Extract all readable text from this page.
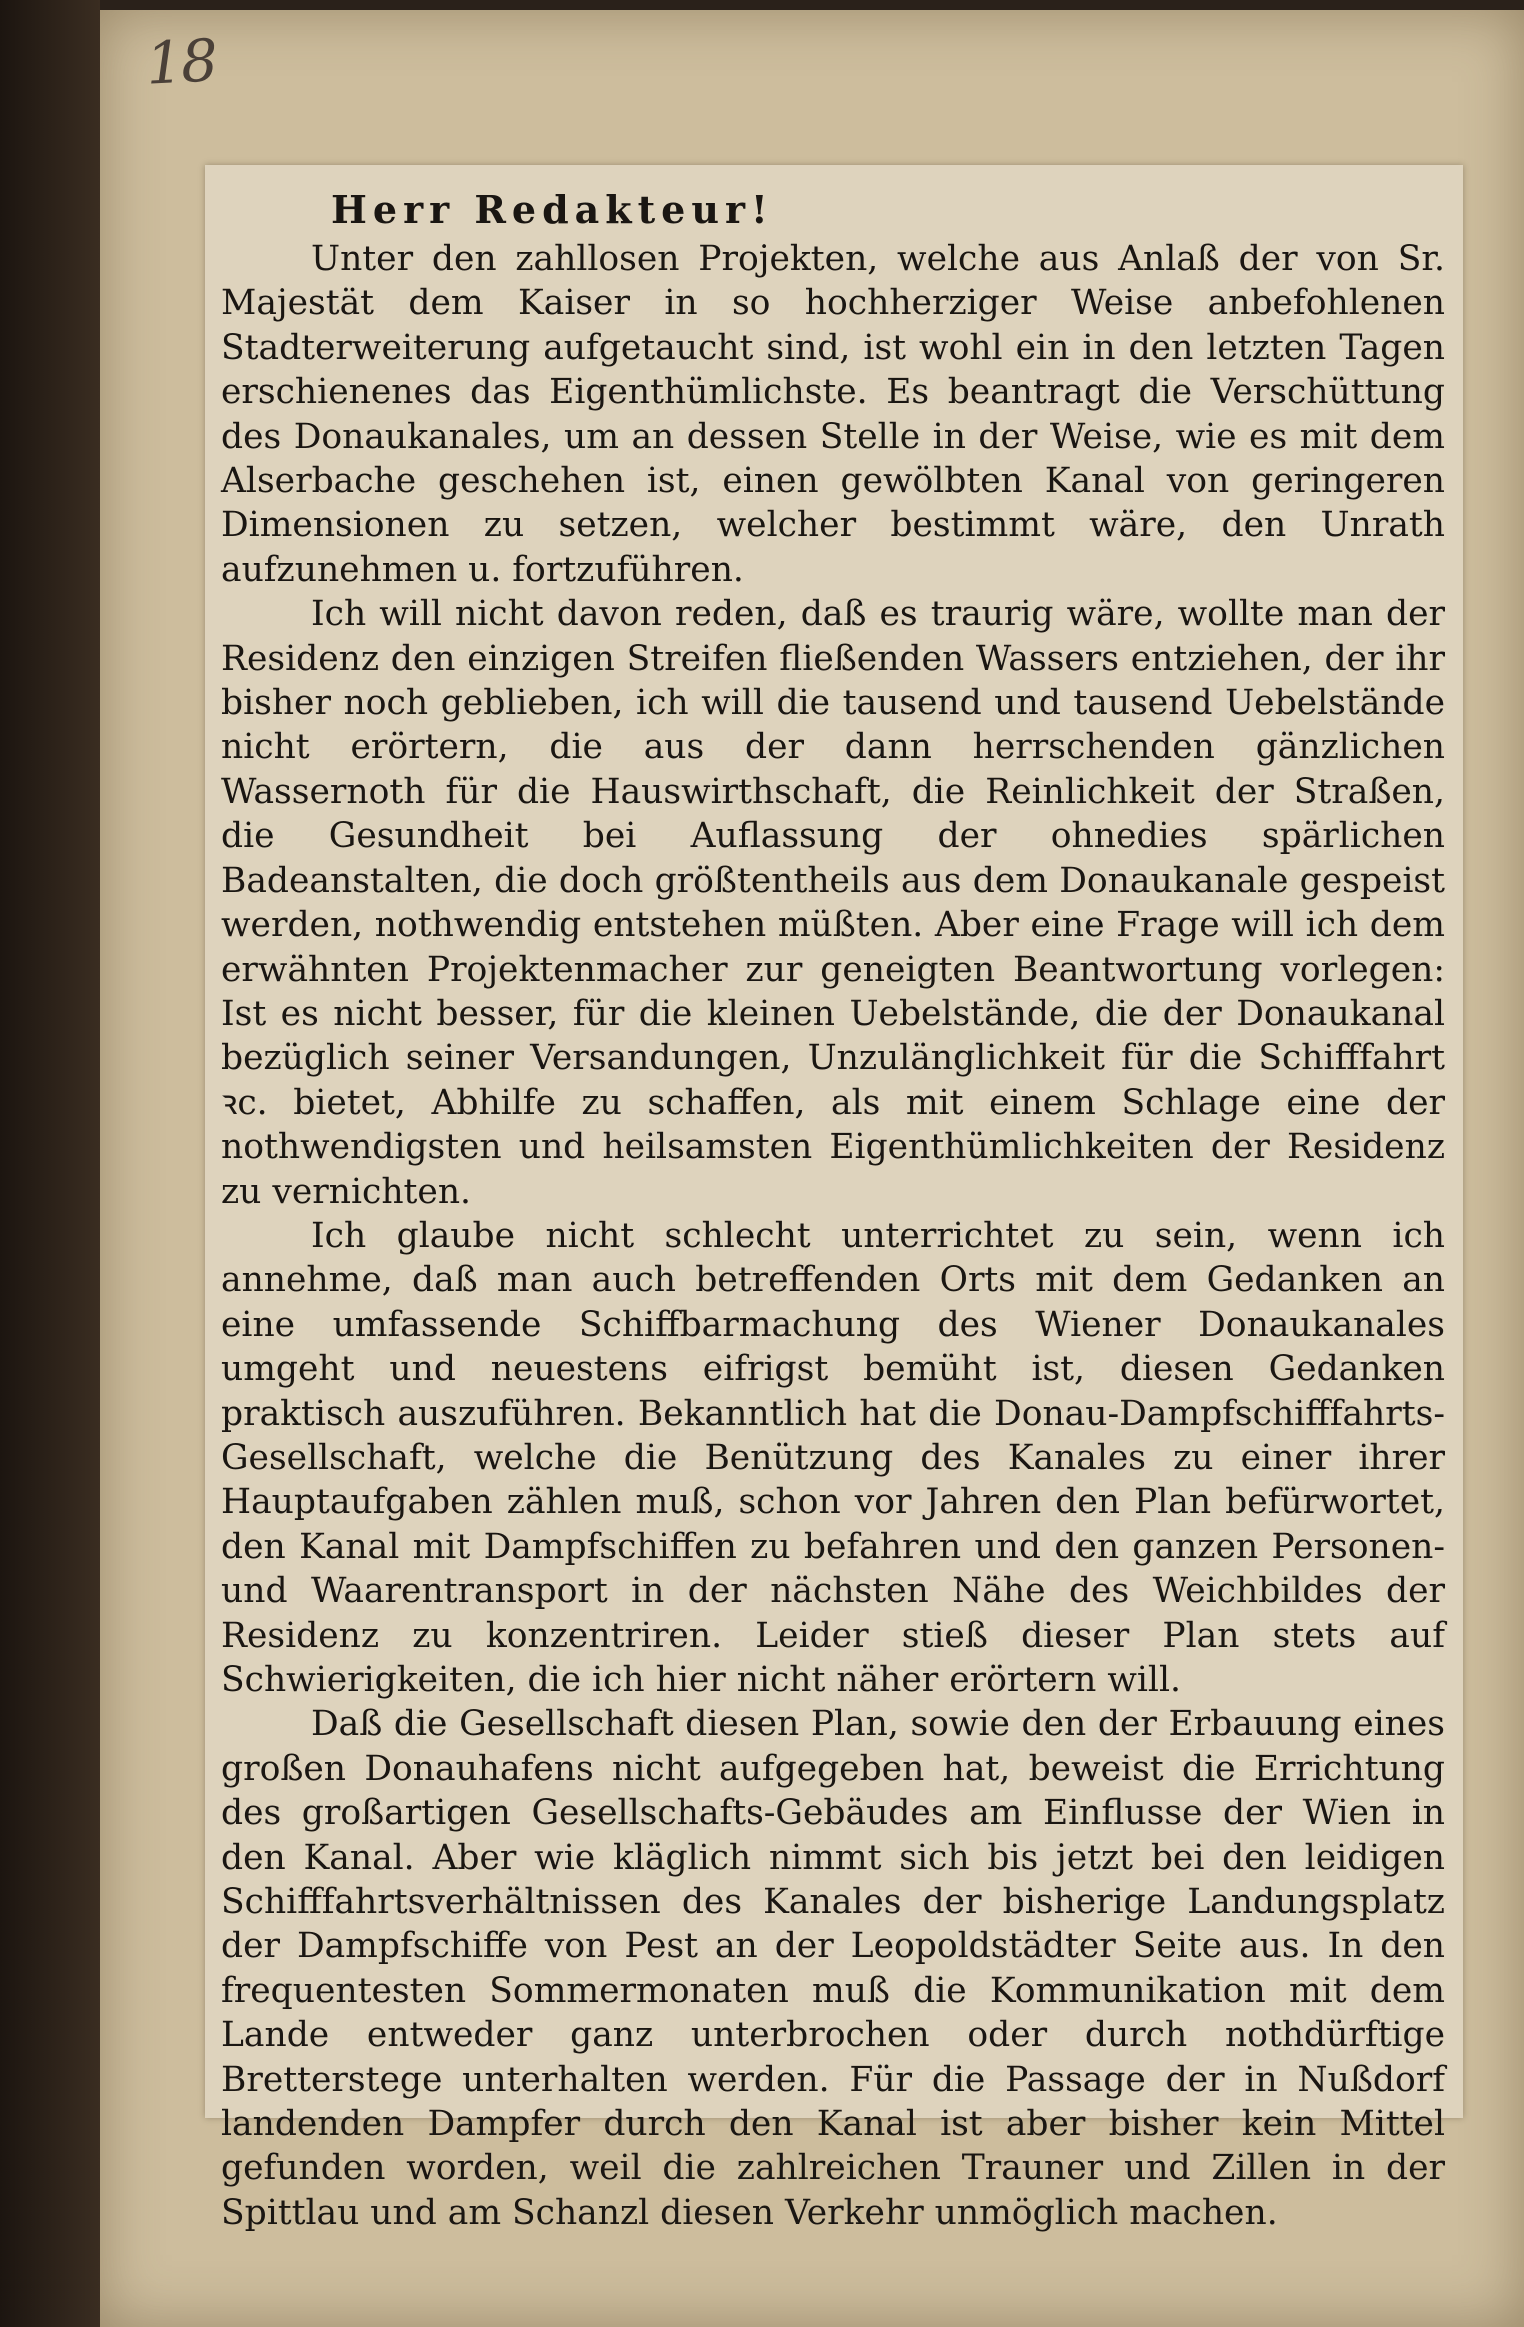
18
Herr Redakteur!

Unter den zahllosen Projekten, welche aus Anlaß der von Sr. Majestät dem Kaiser in so hochherziger Weise anbefohlenen Stadterweiterung aufgetaucht sind, ist wohl ein in den letzten Tagen erschienenes das Eigenthümlichste. Es beantragt die Verschüttung des Donaukanales, um an dessen Stelle in der Weise, wie es mit dem Alserbache geschehen ist, einen gewölbten Kanal von geringeren Dimensionen zu setzen, welcher bestimmt wäre, den Unrath aufzunehmen u. fortzuführen.

Ich will nicht davon reden, daß es traurig wäre, wollte man der Residenz den einzigen Streifen fließenden Wassers entziehen, der ihr bisher noch geblieben, ich will die tausend und tausend Uebelstände nicht erörtern, die aus der dann herrschenden gänzlichen Wassernoth für die Hauswirthschaft, die Reinlichkeit der Straßen, die Gesundheit bei Auflassung der ohnedies spärlichen Badeanstalten, die doch größtentheils aus dem Donaukanale gespeist werden, nothwendig entstehen müßten. Aber eine Frage will ich dem erwähnten Projektenmacher zur geneigten Beantwortung vorlegen: Ist es nicht besser, für die kleinen Uebelstände, die der Donaukanal bezüglich seiner Versandungen, Unzulänglichkeit für die Schifffahrt ꝛc. bietet, Abhilfe zu schaffen, als mit einem Schlage eine der nothwendigsten und heilsamsten Eigenthümlichkeiten der Residenz zu vernichten.

Ich glaube nicht schlecht unterrichtet zu sein, wenn ich annehme, daß man auch betreffenden Orts mit dem Gedanken an eine umfassende Schiffbarmachung des Wiener Donaukanales umgeht und neuestens eifrigst bemüht ist, diesen Gedanken praktisch auszuführen. Bekanntlich hat die Donau-Dampfschifffahrts-Gesellschaft, welche die Benützung des Kanales zu einer ihrer Hauptaufgaben zählen muß, schon vor Jahren den Plan befürwortet, den Kanal mit Dampfschiffen zu befahren und den ganzen Personen- und Waarentransport in der nächsten Nähe des Weichbildes der Residenz zu konzentriren. Leider stieß dieser Plan stets auf Schwierigkeiten, die ich hier nicht näher erörtern will.

Daß die Gesellschaft diesen Plan, sowie den der Erbauung eines großen Donauhafens nicht aufgegeben hat, beweist die Errichtung des großartigen Gesellschafts-Gebäudes am Einflusse der Wien in den Kanal. Aber wie kläglich nimmt sich bis jetzt bei den leidigen Schifffahrtsverhältnissen des Kanales der bisherige Landungsplatz der Dampfschiffe von Pest an der Leopoldstädter Seite aus. In den frequentesten Sommermonaten muß die Kommunikation mit dem Lande entweder ganz unterbrochen oder durch nothdürftige Bretterstege unterhalten werden. Für die Passage der in Nußdorf landenden Dampfer durch den Kanal ist aber bisher kein Mittel gefunden worden, weil die zahlreichen Trauner und Zillen in der Spittlau und am Schanzl diesen Verkehr unmöglich machen.
